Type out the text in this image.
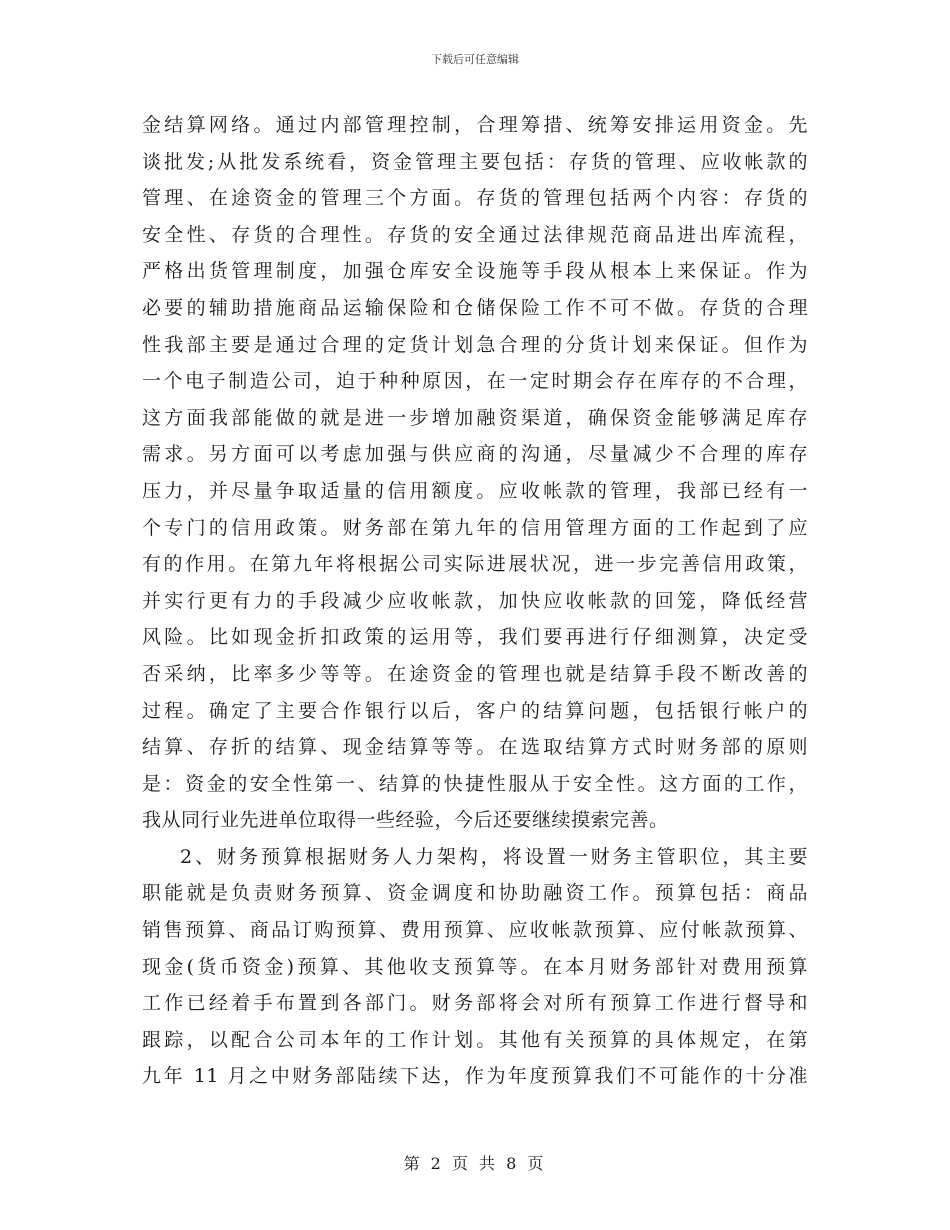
下载后可任意编辑
金结算网络。通过内部管理控制，合理筹措、统筹安排运用资金。先
谈批发;从批发系统看，资金管理主要包括：存货的管理、应收帐款的
管理、在途资金的管理三个方面。存货的管理包括两个内容：存货的
安全性、存货的合理性。存货的安全通过法律规范商品进出库流程，
严格出货管理制度，加强仓库安全设施等手段从根本上来保证。作为
必要的辅助措施商品运输保险和仓储保险工作不可不做。存货的合理
性我部主要是通过合理的定货计划急合理的分货计划来保证。但作为
一个电子制造公司，迫于种种原因，在一定时期会存在库存的不合理，
这方面我部能做的就是进一步增加融资渠道，确保资金能够满足库存
需求。另方面可以考虑加强与供应商的沟通，尽量减少不合理的库存
压力，并尽量争取适量的信用额度。应收帐款的管理，我部已经有一
个专门的信用政策。财务部在第九年的信用管理方面的工作起到了应
有的作用。在第九年将根据公司实际进展状况，进一步完善信用政策，
并实行更有力的手段减少应收帐款，加快应收帐款的回笼，降低经营
风险。比如现金折扣政策的运用等，我们要再进行仔细测算，决定受
否采纳，比率多少等等。在途资金的管理也就是结算手段不断改善的
过程。确定了主要合作银行以后，客户的结算问题，包括银行帐户的
结算、存折的结算、现金结算等等。在选取结算方式时财务部的原则
是：资金的安全性第一、结算的快捷性服从于安全性。这方面的工作，
我从同行业先进单位取得一些经验，今后还要继续摸索完善。
2、财务预算根据财务人力架构，将设置一财务主管职位，其主要
职能就是负责财务预算、资金调度和协助融资工作。预算包括：商品
销售预算、商品订购预算、费用预算、应收帐款预算、应付帐款预算、
现金(货币资金)预算、其他收支预算等。在本月财务部针对费用预算
工作已经着手布置到各部门。财务部将会对所有预算工作进行督导和
跟踪，以配合公司本年的工作计划。其他有关预算的具体规定，在第
九年 11 月之中财务部陆续下达，作为年度预算我们不可能作的十分准
第 2 页 共 8 页
